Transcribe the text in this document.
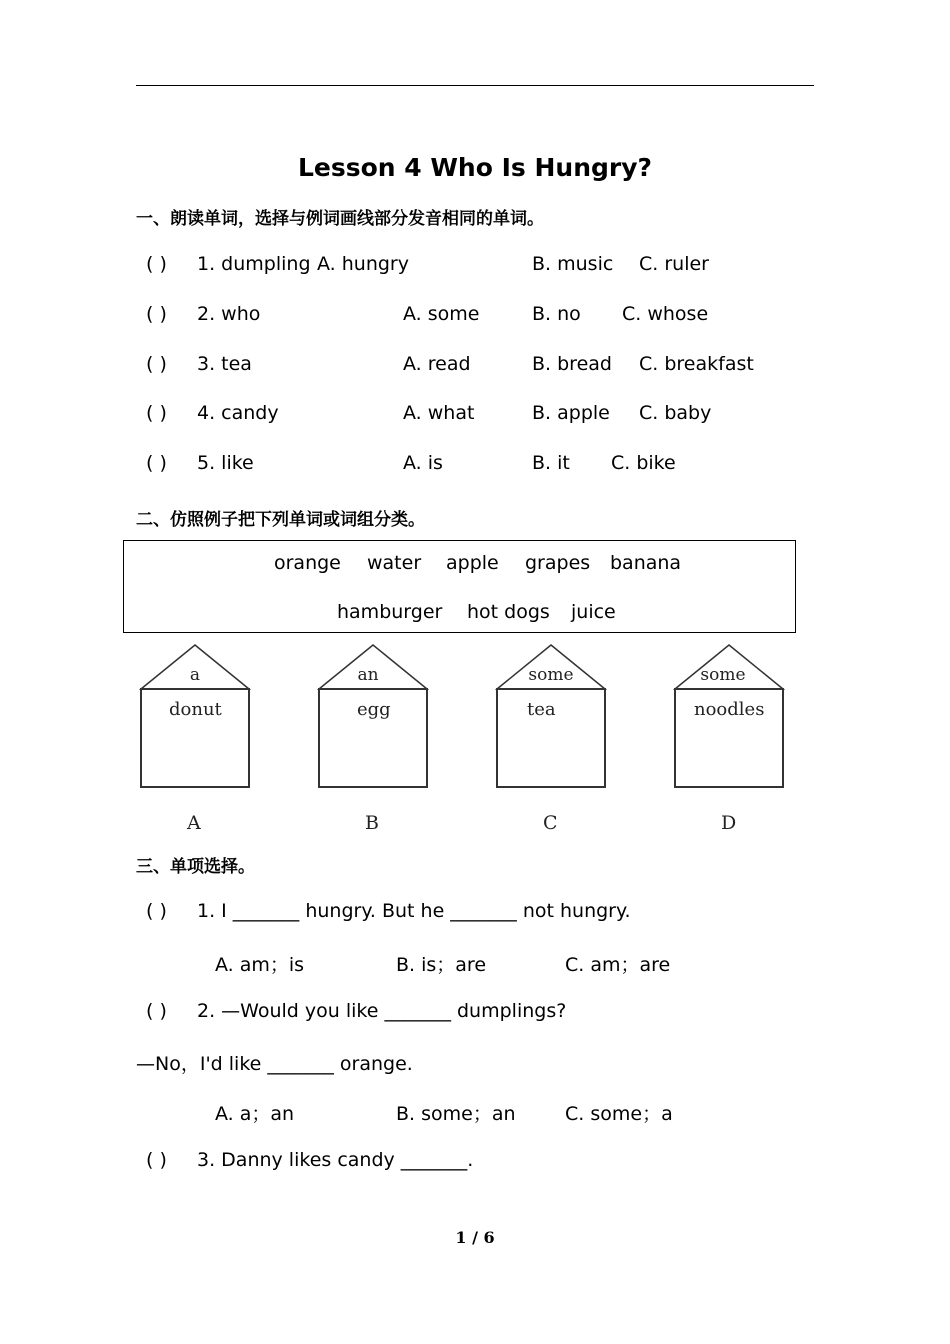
Lesson 4 Who Is Hungry?
一、朗读单词，选择与例词画线部分发音相同的单词。
( ) 1. dumpling A. hungry	B. music C. ruler
( ) 2. who	A. some	B. no C. whose
( ) 3. tea	A. read	B. bread C. breakfast
( ) 4. candy	A. what	B. apple C. baby
( ) 5. like	A. is	B. it C. bike
二、仿照例子把下列单词或词组分类。
orange water apple grapes banana
hamburger hot dogs juice
a
donut
A
an
egg
B
some
tea
C
some
noodles
D
三、单项选择。
( ) 1. I _______ hungry. But he _______ not hungry.
A. am；is	B. is；are	C. am；are
( ) 2. —Would you like _______ dumplings?
—No，I'd like _______ orange.
A. a；an	B. some；an	C. some；a
( ) 3. Danny likes candy _______.
1 / 6
